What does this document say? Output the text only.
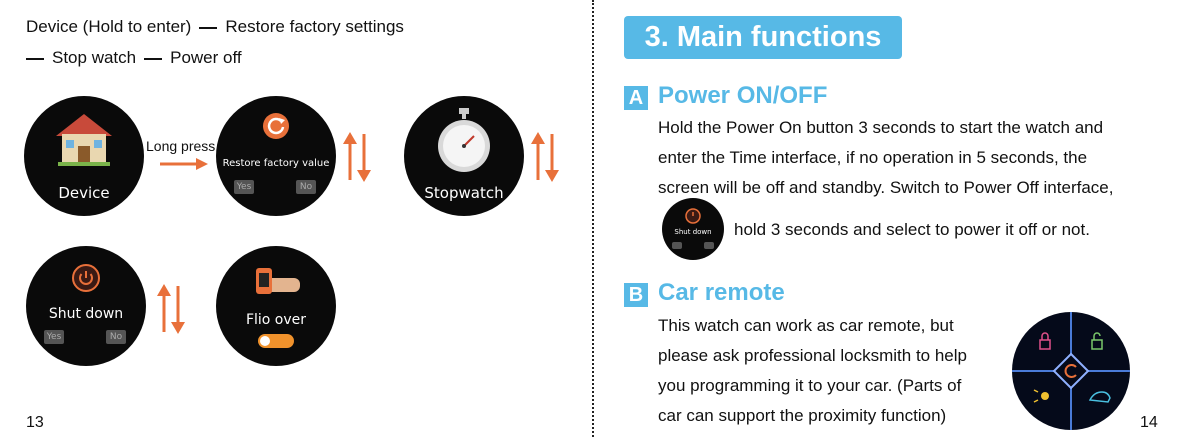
Device (Hold to enter) Restore factory settings
Stop watch Power off
Device
Long press
Restore factory value
Yes	No	Stopwatch
Shut down
Yes	No
Flio over
13
3. Main functions
A Power ON/OFF
Hold the Power On button 3 seconds to start the watch and
enter the Time interface, if no operation in 5 seconds, the
screen will be off and standby. Switch to Power Off interface,
Shut down	hold 3 seconds and select to power it off or not.
B Car remote
This watch can work as car remote, but
please ask professional locksmith to help
you programming it to your car. (Parts of
car can support the proximity function)	14
